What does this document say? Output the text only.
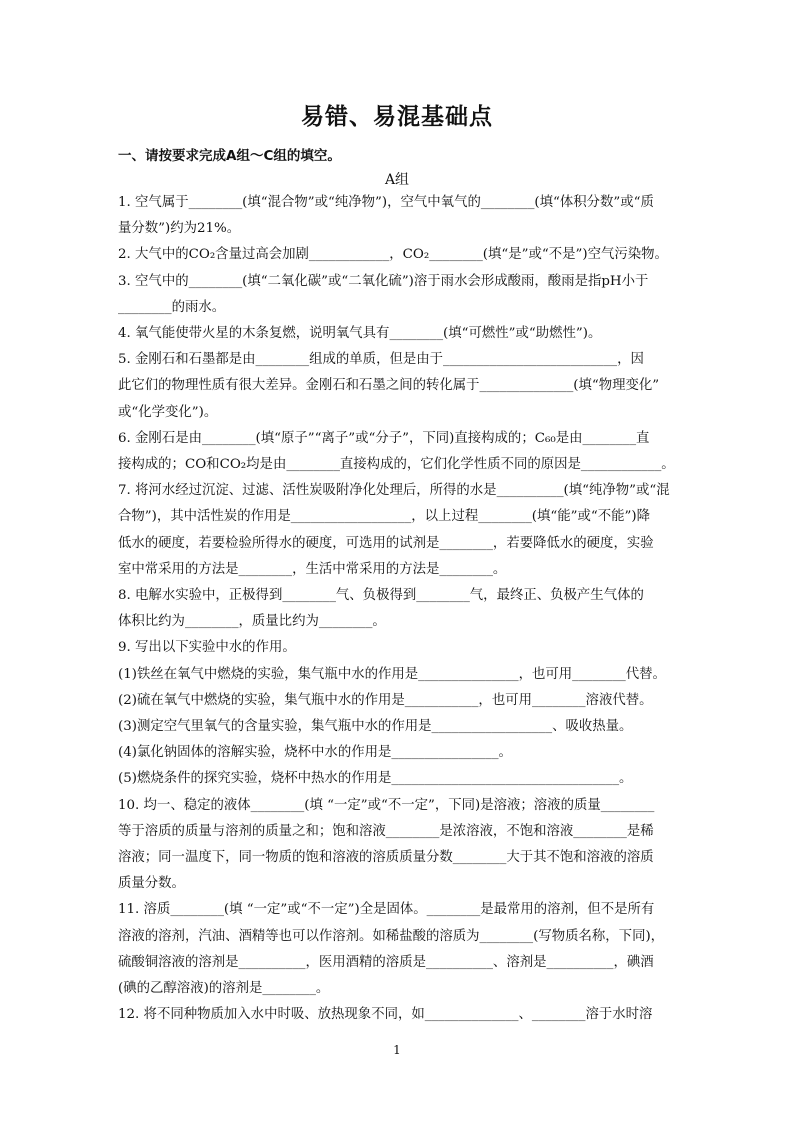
易错、易混基础点
一、请按要求完成A组～C组的填空。
A组

1. 空气属于________(填“混合物”或“纯净物”)，空气中氧气的________(填“体积分数”或“质

量分数”)约为21%。

2. 大气中的CO₂含量过高会加剧____________，CO₂________(填“是”或“不是”)空气污染物。

3. 空气中的________(填“二氧化碳”或“二氧化硫”)溶于雨水会形成酸雨，酸雨是指pH小于

________的雨水。

4. 氧气能使带火星的木条复燃，说明氧气具有________(填“可燃性”或“助燃性”)。

5. 金刚石和石墨都是由________组成的单质，但是由于__________________________，因

此它们的物理性质有很大差异。金刚石和石墨之间的转化属于______________(填“物理变化”

或“化学变化”)。

6. 金刚石是由________(填“原子”“离子”或“分子”，下同)直接构成的；C₆₀是由________直

接构成的；CO和CO₂均是由________直接构成的，它们化学性质不同的原因是____________。

7. 将河水经过沉淀、过滤、活性炭吸附净化处理后，所得的水是__________(填“纯净物”或“混

合物”)，其中活性炭的作用是__________________，以上过程________(填“能”或“不能”)降

低水的硬度，若要检验所得水的硬度，可选用的试剂是________，若要降低水的硬度，实验

室中常采用的方法是________，生活中常采用的方法是________。

8. 电解水实验中，正极得到________气、负极得到________气，最终正、负极产生气体的

体积比约为________，质量比约为________。

9. 写出以下实验中水的作用。

(1)铁丝在氧气中燃烧的实验，集气瓶中水的作用是_______________，也可用________代替。

(2)硫在氧气中燃烧的实验，集气瓶中水的作用是___________，也可用________溶液代替。

(3)测定空气里氧气的含量实验，集气瓶中水的作用是__________________、吸收热量。

(4)氯化钠固体的溶解实验，烧杯中水的作用是________________。

(5)燃烧条件的探究实验，烧杯中热水的作用是__________________________________。

10. 均一、稳定的液体________(填 “一定”或“不一定”，下同)是溶液；溶液的质量________

等于溶质的质量与溶剂的质量之和；饱和溶液________是浓溶液，不饱和溶液________是稀

溶液；同一温度下，同一物质的饱和溶液的溶质质量分数________大于其不饱和溶液的溶质

质量分数。

11. 溶质________(填 “一定”或“不一定”)全是固体。________是最常用的溶剂，但不是所有

溶液的溶剂，汽油、酒精等也可以作溶剂。如稀盐酸的溶质为________(写物质名称，下同)，

硫酸铜溶液的溶剂是__________，医用酒精的溶质是__________、溶剂是__________，碘酒

(碘的乙醇溶液)的溶剂是________。

12. 将不同种物质加入水中时吸、放热现象不同，如______________、________溶于水时溶

1
